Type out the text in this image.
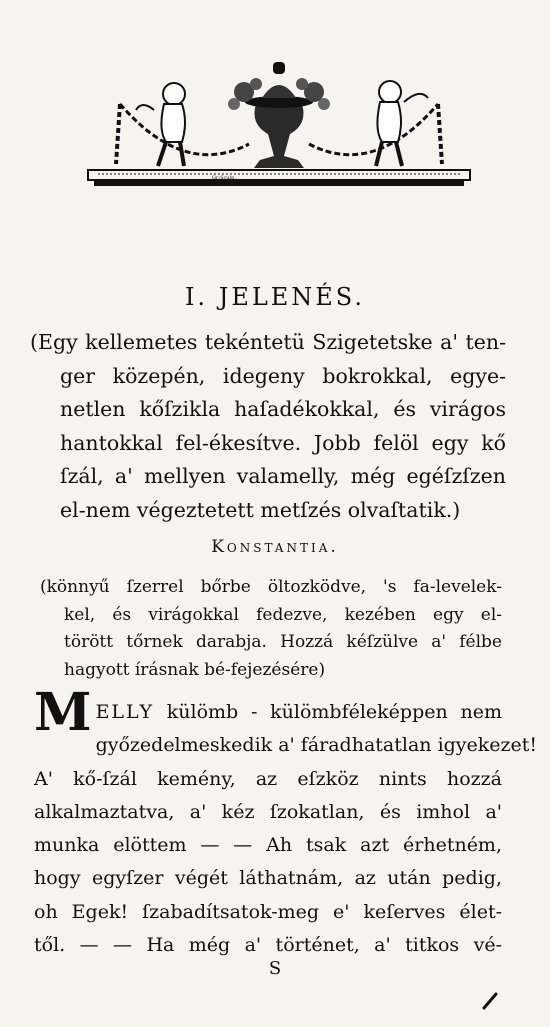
Gr:Sculp.
I. JELENÉS.
(Egy kellemetes tekéntetü Szigetetske a' ten-
ger közepén, idegeny bokrokkal, egye-
netlen kőſzikla haſadékokkal, és virágos
hantokkal fel-ékesítve. Jobb felöl egy kő
ſzál, a' mellyen valamelly, még egéſzſzen
el-nem végeztetett metſzés olvaſtatik.)
Konstantia.
(könnyű ſzerrel bőrbe öltozködve, 's fa-levelek-
kel, és virágokkal fedezve, kezében egy el-
törött tőrnek darabja. Hozzá kéſzülve a' félbe
hagyott írásnak bé-fejezésére)
M ELLY külömb - külömbféleképpen nem
győzedelmeskedik a' fáradhatatlan igyekezet!
A' kő-ſzál kemény, az eſzköz nints hozzá
alkalmaztatva, a' kéz ſzokatlan, és imhol a'
munka elöttem — — Ah tsak azt érhetném,
hogy egyſzer végét láthatnám, az után pedig,
oh Egek! ſzabadítsatok-meg e' keſerves élet-
től. — — Ha még a' történet, a' titkos vé-
S
